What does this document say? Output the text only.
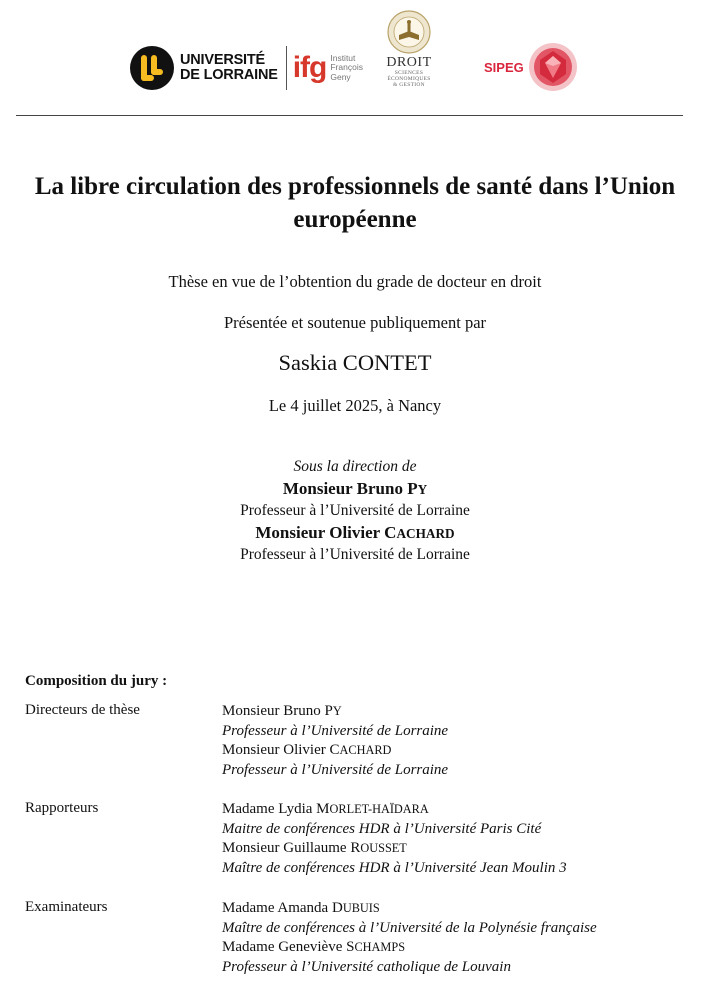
UNIVERSITÉ
DE LORRAINE ifg Institut
François
Geny
DROIT
SCIENCES
ÉCONOMIQUES
& GESTION
SIPEG
La libre circulation des professionnels de santé dans l’Union européenne
Thèse en vue de l’obtention du grade de docteur en droit
Présentée et soutenue publiquement par
Saskia CONTET
Le 4 juillet 2025, à Nancy
Sous la direction de
Monsieur Bruno PY
Professeur à l’Université de Lorraine
Monsieur Olivier CACHARD
Professeur à l’Université de Lorraine
Composition du jury :
Directeurs de thèse	Monsieur Bruno PY
Professeur à l’Université de Lorraine
Monsieur Olivier CACHARD
Professeur à l’Université de Lorraine
Rapporteurs	Madame Lydia MORLET-HAÏDARA
Maitre de conférences HDR à l’Université Paris Cité
Monsieur Guillaume ROUSSET
Maître de conférences HDR à l’Université Jean Moulin 3
Examinateurs	Madame Amanda DUBUIS
Maître de conférences à l’Université de la Polynésie française
Madame Geneviève SCHAMPS
Professeur à l’Université catholique de Louvain
